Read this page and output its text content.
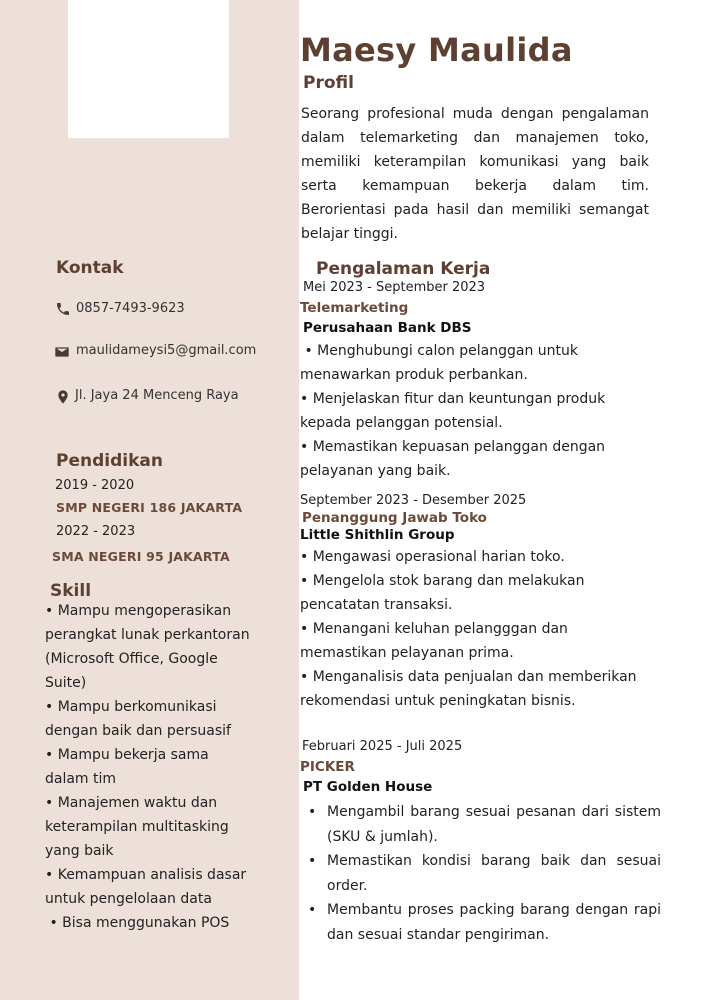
Kontak
0857-7493-9623
maulidameysi5@gmail.com
Jl. Jaya 24 Menceng Raya
Pendidikan
2019 - 2020
SMP NEGERI 186 JAKARTA
2022 - 2023
SMA NEGERI 95 JAKARTA
Skill
• Mampu mengoperasikan
perangkat lunak perkantoran
(Microsoft Office, Google
Suite)
• Mampu berkomunikasi
dengan baik dan persuasif
• Mampu bekerja sama
dalam tim
• Manajemen waktu dan
keterampilan multitasking
yang baik
• Kemampuan analisis dasar
untuk pengelolaan data
• Bisa menggunakan POS
Maesy Maulida
Profil
Seorang profesional muda dengan pengalaman dalam telemarketing dan manajemen toko, memiliki keterampilan komunikasi yang baik serta kemampuan bekerja dalam tim. Berorientasi pada hasil dan memiliki semangat belajar tinggi.
Pengalaman Kerja
Mei 2023 - September 2023
Telemarketing
Perusahaan Bank DBS
• Menghubungi calon pelanggan untuk
menawarkan produk perbankan.
• Menjelaskan fitur dan keuntungan produk
kepada pelanggan potensial.
• Memastikan kepuasan pelanggan dengan
pelayanan yang baik.
September 2023 - Desember 2025
Penanggung Jawab Toko
Little Shithlin Group
• Mengawasi operasional harian toko.
• Mengelola stok barang dan melakukan
pencatatan transaksi.
• Menangani keluhan pelangggan dan
memastikan pelayanan prima.
• Menganalisis data penjualan dan memberikan
rekomendasi untuk peningkatan bisnis.
Februari 2025 - Juli 2025
PICKER
PT Golden House
• Mengambil barang sesuai pesanan dari sistem (SKU & jumlah).
• Memastikan kondisi barang baik dan sesuai order.
• Membantu proses packing barang dengan rapi dan sesuai standar pengiriman.
